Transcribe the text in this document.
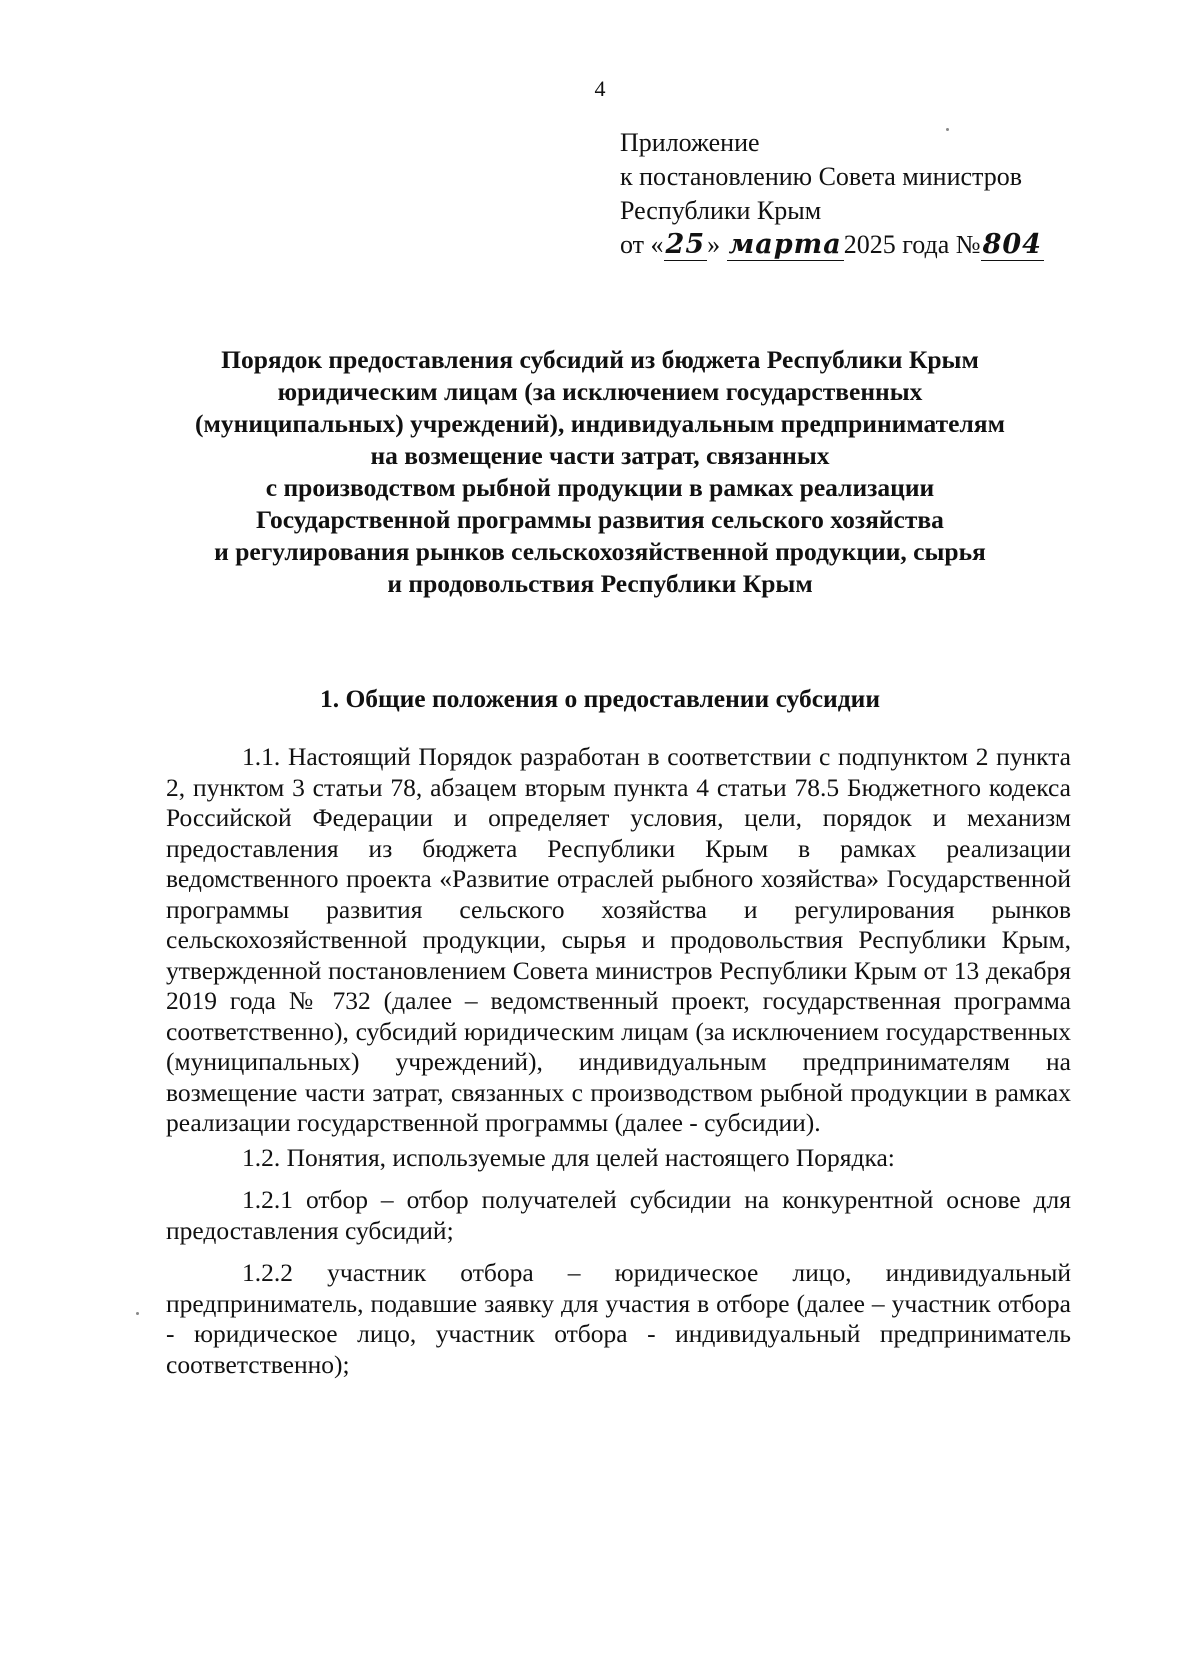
4
Приложение
к постановлению Совета министров
Республики Крым
от «25» марта2025 года №804
Порядок предоставления субсидий из бюджета Республики Крым
юридическим лицам (за исключением государственных
(муниципальных) учреждений), индивидуальным предпринимателям
на возмещение части затрат, связанных
с производством рыбной продукции в рамках реализации
Государственной программы развития сельского хозяйства
и регулирования рынков сельскохозяйственной продукции, сырья
и продовольствия Республики Крым
1. Общие положения о предоставлении субсидии

1.1. Настоящий Порядок разработан в соответствии с подпунктом 2 пункта 2, пунктом 3 статьи 78, абзацем вторым пункта 4 статьи 78.5 Бюджетного кодекса Российской Федерации и определяет условия, цели, порядок и механизм предоставления из бюджета Республики Крым в рамках реализации ведомственного проекта «Развитие отраслей рыбного хозяйства» Государственной программы развития сельского хозяйства и регулирования рынков сельскохозяйственной продукции, сырья и продовольствия Республики Крым, утвержденной постановлением Совета министров Республики Крым от 13 декабря 2019 года № 732 (далее – ведомственный проект, государственная программа соответственно), субсидий юридическим лицам (за исключением государственных (муниципальных) учреждений), индивидуальным предпринимателям на возмещение части затрат, связанных с производством рыбной продукции в рамках реализации государственной программы (далее - субсидии).

1.2. Понятия, используемые для целей настоящего Порядка:

1.2.1 отбор – отбор получателей субсидии на конкурентной основе для предоставления субсидий;

1.2.2 участник отбора – юридическое лицо, индивидуальный предприниматель, подавшие заявку для участия в отборе (далее – участник отбора - юридическое лицо, участник отбора - индивидуальный предприниматель соответственно);
